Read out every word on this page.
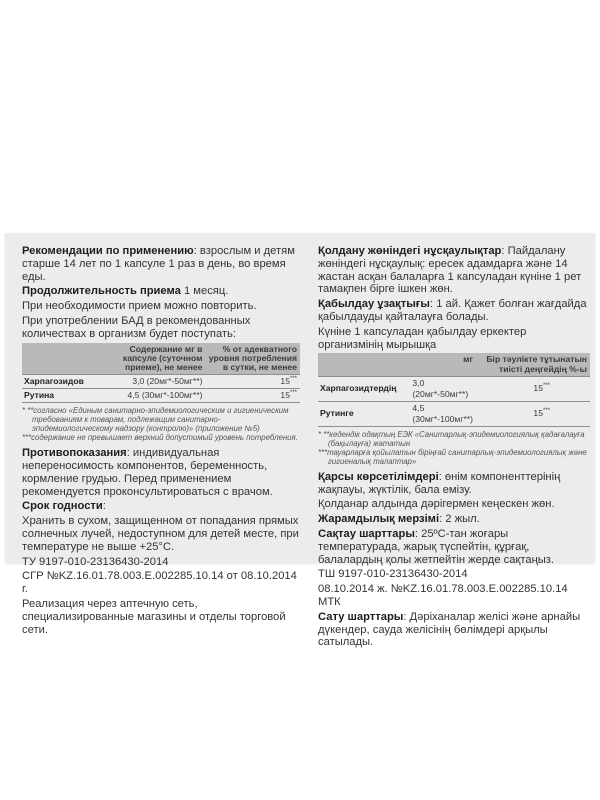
Рекомендации по применению: взрослым и детям старше 14 лет по 1 капсуле 1 раз в день, во время еды.
Продолжительность приема 1 месяц.
При необходимости прием можно повторить.
При употреблении БАД в рекомендованных количествах в организм будет поступать:
	Содержание мг в капсуле (суточном приеме), не менее	% от адекватного уровня потребления в сутки, не менее
Харпагозидов	3,0 (20мг*-50мг**)	15***
Рутина	4,5 (30мг*-100мг**)	15***
* **согласно «Единым санитарно-эпидемиологическим и гигиеническим требованиям к товарам, подлежащим санитарно-эпидемиологическому надзору (контролю)» (приложение №5)
***содержание не превышает верхний допустимый уровень потребления.
Противопоказания: индивидуальная непереносимость компонентов, беременность, кормление грудью. Перед применением рекомендуется проконсультироваться с врачом.
Срок годности:
Хранить в сухом, защищенном от попадания прямых солнечных лучей, недоступном для детей месте, при температуре не выше +25°С.
ТУ 9197-010-23136430-2014
СГР №KZ.16.01.78.003.Е.002285.10.14 от 08.10.2014 г.
Реализация через аптечную сеть, специализированные магазины и отделы торговой сети.
Қолдану жөніндегі нұсқаулықтар: Пайдалану жөніндегі нұсқаулық: ересек адамдарға және 14 жастан асқан балаларға 1 капсуладан күніне 1 рет тамақпен бірге ішкен жөн.
Қабылдау ұзақтығы: 1 ай. Қажет болған жағдайда қабылдауды қайталауға болады.
Күніне 1 капсуладан қабылдау еркектер организмінің мырышқа
	мг	Бір тәулікте тұтынатын тиісті деңгейдің %-ы
Харпагозидтердің	3,0 (20мг*-50мг**)	15***
Рутинге	4,5 (30мг*-100мг**)	15***
* **кедендік одақтың ЕЭК «Санитарлық-эпидемиологиялық қадағалауға (бақылауға) жататын
***тауарларға қойылатын біріңғай санитарлық-эпидемиологиялық және гигиеналық талаптар»
Қарсы көрсетілімдері: өнім компоненттерінің жақпауы, жүктілік, бала емізу.
Қолданар алдында дәрігермен кеңескен жөн.
Жарамдылық мерзімі: 2 жыл.
Сақтау шарттары: 25ºС-тан жоғары температурада, жарық түспейтін, құрғақ, балалардың қолы жетпейтін жерде сақтаңыз.
ТШ 9197-010-23136430-2014
08.10.2014 ж. №KZ.16.01.78.003.Е.002285.10.14 МТК
Сату шарттары: Дәріханалар желісі және арнайы дүкендер, сауда желісінің бөлімдері арқылы сатылады.
